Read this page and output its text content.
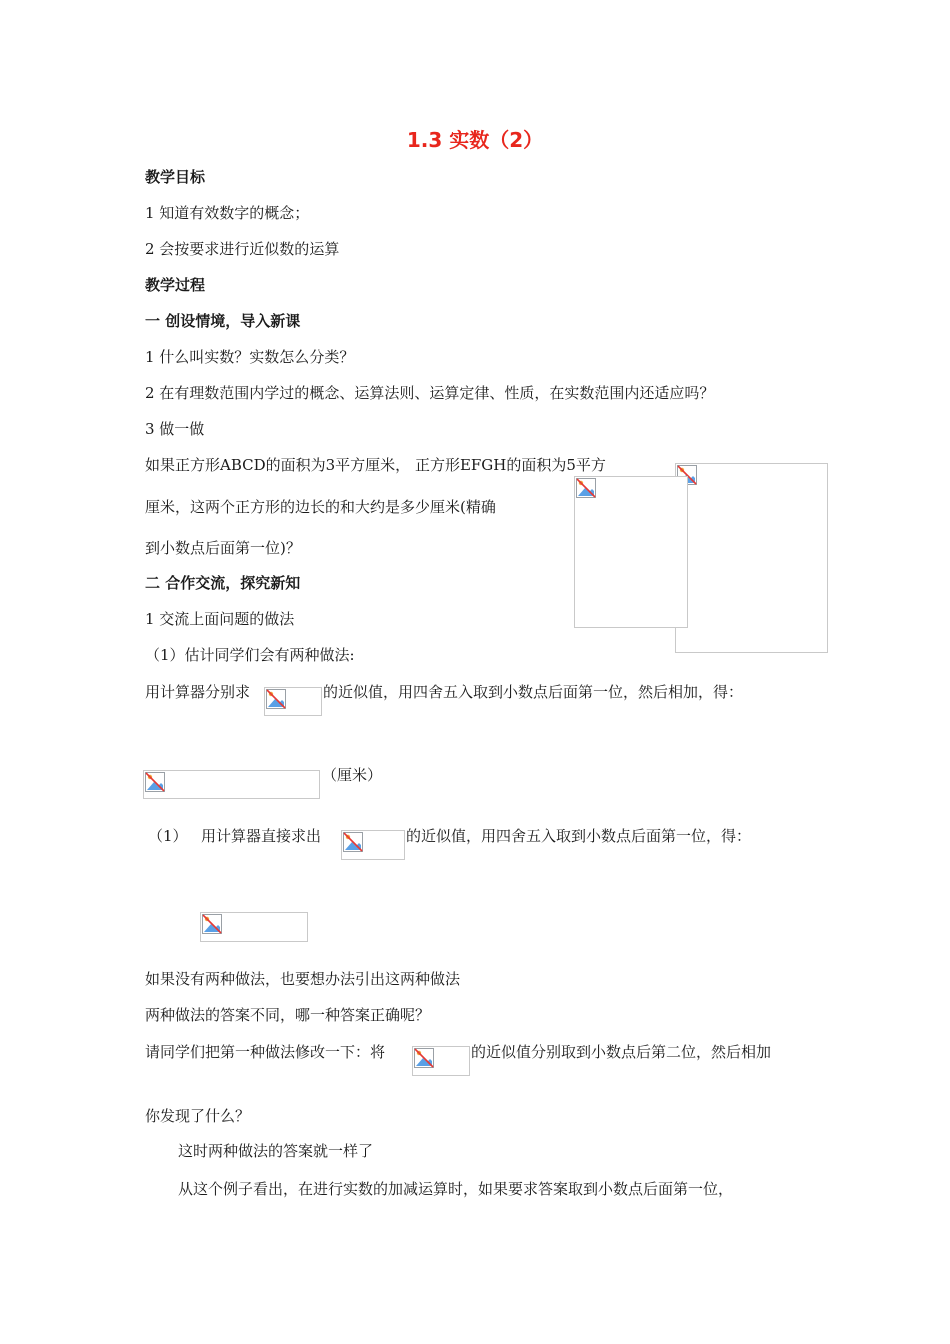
1.3 实数（2）
教学目标
1 知道有效数字的概念；
2 会按要求进行近似数的运算
教学过程
一 创设情境，导入新课
1 什么叫实数？实数怎么分类？
2 在有理数范围内学过的概念、运算法则、运算定律、性质，在实数范围内还适应吗？
3 做一做
如果正方形ABCD的面积为3平方厘米， 正方形EFGH的面积为5平方
厘米，这两个正方形的边长的和大约是多少厘米(精确
到小数点后面第一位)？
二 合作交流，探究新知
1 交流上面问题的做法
（1）估计同学们会有两种做法:
用计算器分别求	的近似值，用四舍五入取到小数点后面第一位，然后相加，得：
（厘米）
（1） 用计算器直接求出	的近似值，用四舍五入取到小数点后面第一位，得：
如果没有两种做法，也要想办法引出这两种做法
两种做法的答案不同，哪一种答案正确呢？
请同学们把第一种做法修改一下：将	的近似值分别取到小数点后第二位，然后相加
你发现了什么？
这时两种做法的答案就一样了
从这个例子看出，在进行实数的加减运算时，如果要求答案取到小数点后面第一位，
